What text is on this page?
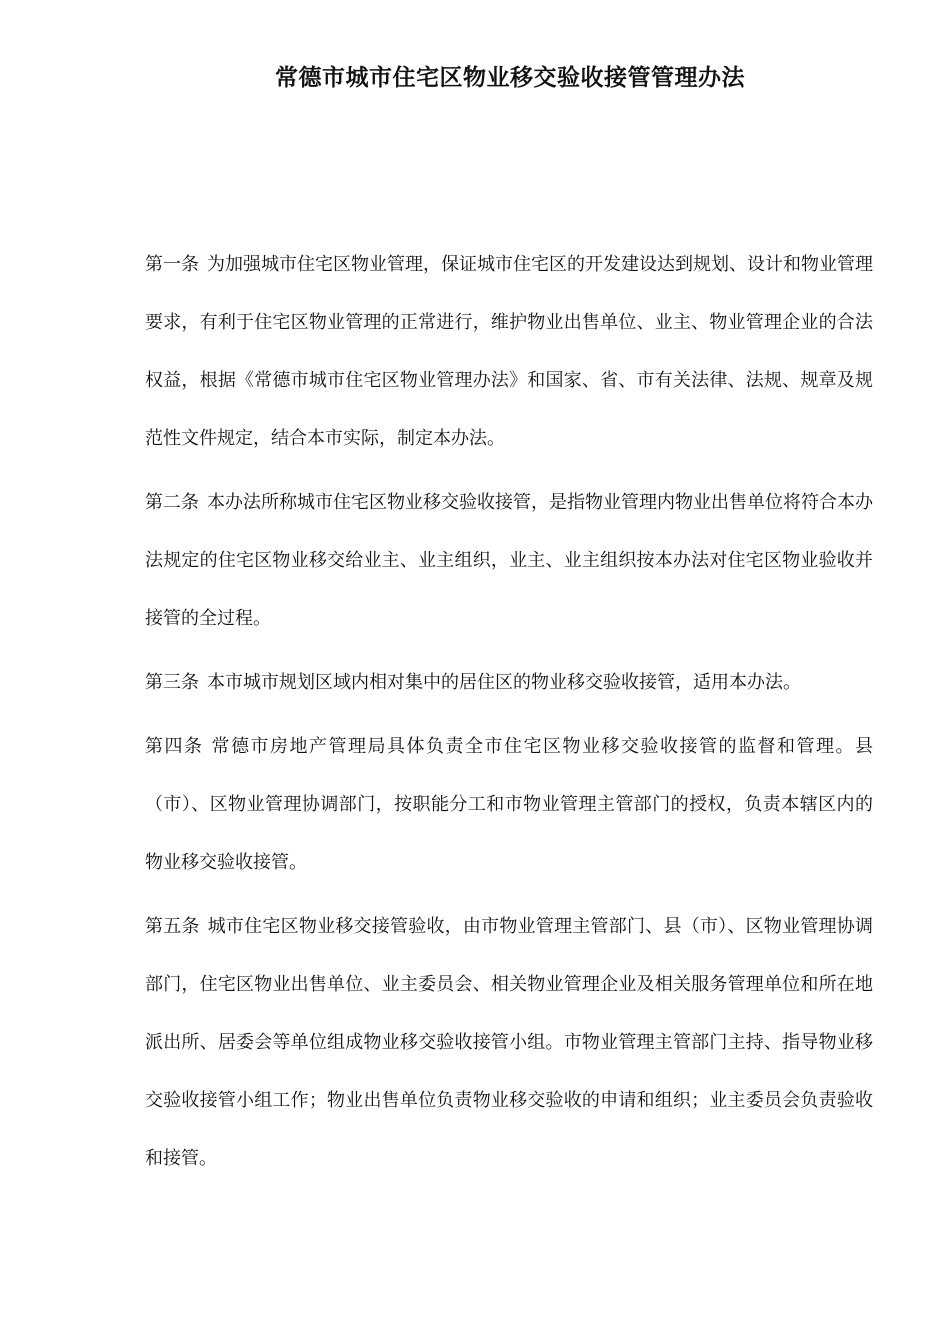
常德市城市住宅区物业移交验收接管管理办法

第一条 为加强城市住宅区物业管理，保证城市住宅区的开发建设达到规划、设计和物业管理要求，有利于住宅区物业管理的正常进行，维护物业出售单位、业主、物业管理企业的合法权益，根据《常德市城市住宅区物业管理办法》和国家、省、市有关法律、法规、规章及规范性文件规定，结合本市实际，制定本办法。

第二条 本办法所称城市住宅区物业移交验收接管，是指物业管理内物业出售单位将符合本办法规定的住宅区物业移交给业主、业主组织，业主、业主组织按本办法对住宅区物业验收并接管的全过程。

第三条 本市城市规划区域内相对集中的居住区的物业移交验收接管，适用本办法。

第四条 常德市房地产管理局具体负责全市住宅区物业移交验收接管的监督和管理。县（市）、区物业管理协调部门，按职能分工和市物业管理主管部门的授权，负责本辖区内的物业移交验收接管。

第五条 城市住宅区物业移交接管验收，由市物业管理主管部门、县（市）、区物业管理协调部门，住宅区物业出售单位、业主委员会、相关物业管理企业及相关服务管理单位和所在地派出所、居委会等单位组成物业移交验收接管小组。市物业管理主管部门主持、指导物业移交验收接管小组工作；物业出售单位负责物业移交验收的申请和组织；业主委员会负责验收和接管。
